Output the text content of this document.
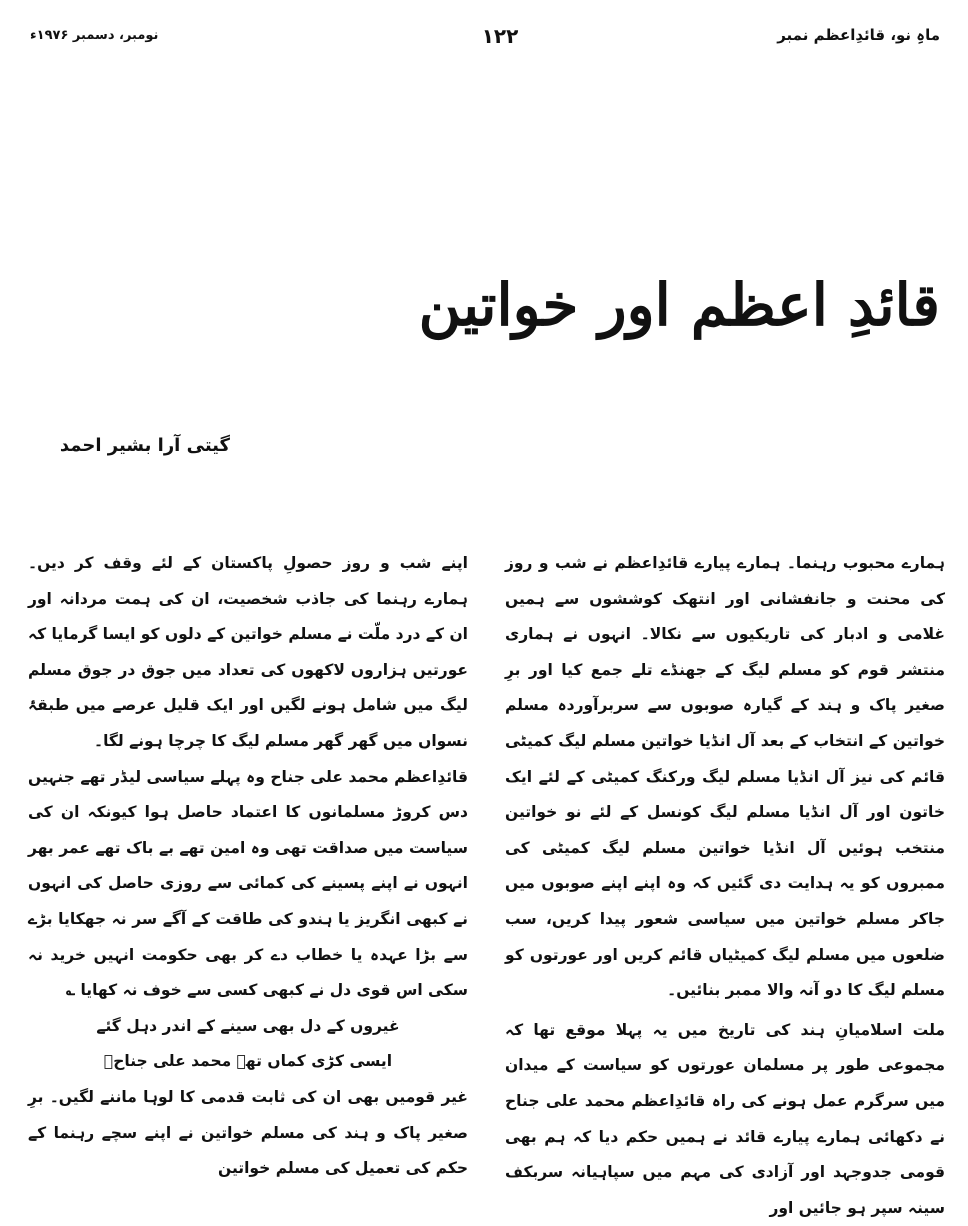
ماہِ نو، قائدِاعظم نمبر
۱۲۲
نومبر، دسمبر ۱۹۷۶ء
قائدِ اعظم اور خواتین
گیتی آرا بشیر احمد

ہمارے محبوب رہنما۔ ہمارے پیارے قائدِاعظم نے شب و روز کی محنت و جانفشانی اور انتھک کوششوں سے ہمیں غلامی و ادبار کی تاریکیوں سے نکالا۔ انہوں نے ہماری منتشر قوم کو مسلم لیگ کے جھنڈے تلے جمع کیا اور برِ صغیر پاک و ہند کے گیارہ صوبوں سے سربرآوردہ مسلم خواتین کے انتخاب کے بعد آل انڈیا خواتین مسلم لیگ کمیٹی قائم کی نیز آل انڈیا مسلم لیگ ورکنگ کمیٹی کے لئے ایک خاتون اور آل انڈیا مسلم لیگ کونسل کے لئے نو خواتین منتخب ہوئیں آل انڈیا خواتین مسلم لیگ کمیٹی کی ممبروں کو یہ ہدایت دی گئیں کہ وہ اپنے اپنے صوبوں میں جاکر مسلم خواتین میں سیاسی شعور پیدا کریں، سب ضلعوں میں مسلم لیگ کمیٹیاں قائم کریں اور عورتوں کو مسلم لیگ کا دو آنہ والا ممبر بنائیں۔

ملت اسلامیانِ ہند کی تاریخ میں یہ پہلا موقع تھا کہ مجموعی طور پر مسلمان عورتوں کو سیاست کے میدان میں سرگرم عمل ہونے کی راہ قائدِاعظم محمد علی جناح نے دکھائی ہمارے پیارے قائد نے ہمیں حکم دیا کہ ہم بھی قومی جدوجہد اور آزادی کی مہم میں سپاہیانہ سربکف سینہ سپر ہو جائیں اور

اپنے شب و روز حصولِ پاکستان کے لئے وقف کر دیں۔ ہمارے رہنما کی جاذب شخصیت، ان کی ہمت مردانہ اور ان کے درد ملّت نے مسلم خواتین کے دلوں کو ایسا گرمایا کہ عورتیں ہزاروں لاکھوں کی تعداد میں جوق در جوق مسلم لیگ میں شامل ہونے لگیں اور ایک قلیل عرصے میں طبقۂ نسواں میں گھر گھر مسلم لیگ کا چرچا ہونے لگا۔

قائدِاعظم محمد علی جناح وہ پہلے سیاسی لیڈر تھے جنہیں دس کروڑ مسلمانوں کا اعتماد حاصل ہوا کیونکہ ان کی سیاست میں صداقت تھی وہ امین تھے بے باک تھے عمر بھر انہوں نے اپنے پسینے کی کمائی سے روزی حاصل کی انہوں نے کبھی انگریز یا ہندو کی طاقت کے آگے سر نہ جھکایا بڑے سے بڑا عہدہ یا خطاب دے کر بھی حکومت انہیں خرید نہ سکی اس قوی دل نے کبھی کسی سے خوف نہ کھایا ؎

غیروں کے دل بھی سینے کے اندر دہل گئے

ایسی کڑی کماں تھے محمد علی جناحؒ

غیر قومیں بھی ان کی ثابت قدمی کا لوہا ماننے لگیں۔ برِ صغیر پاک و ہند کی مسلم خواتین نے اپنے سچے رہنما کے حکم کی تعمیل کی مسلم خواتین
